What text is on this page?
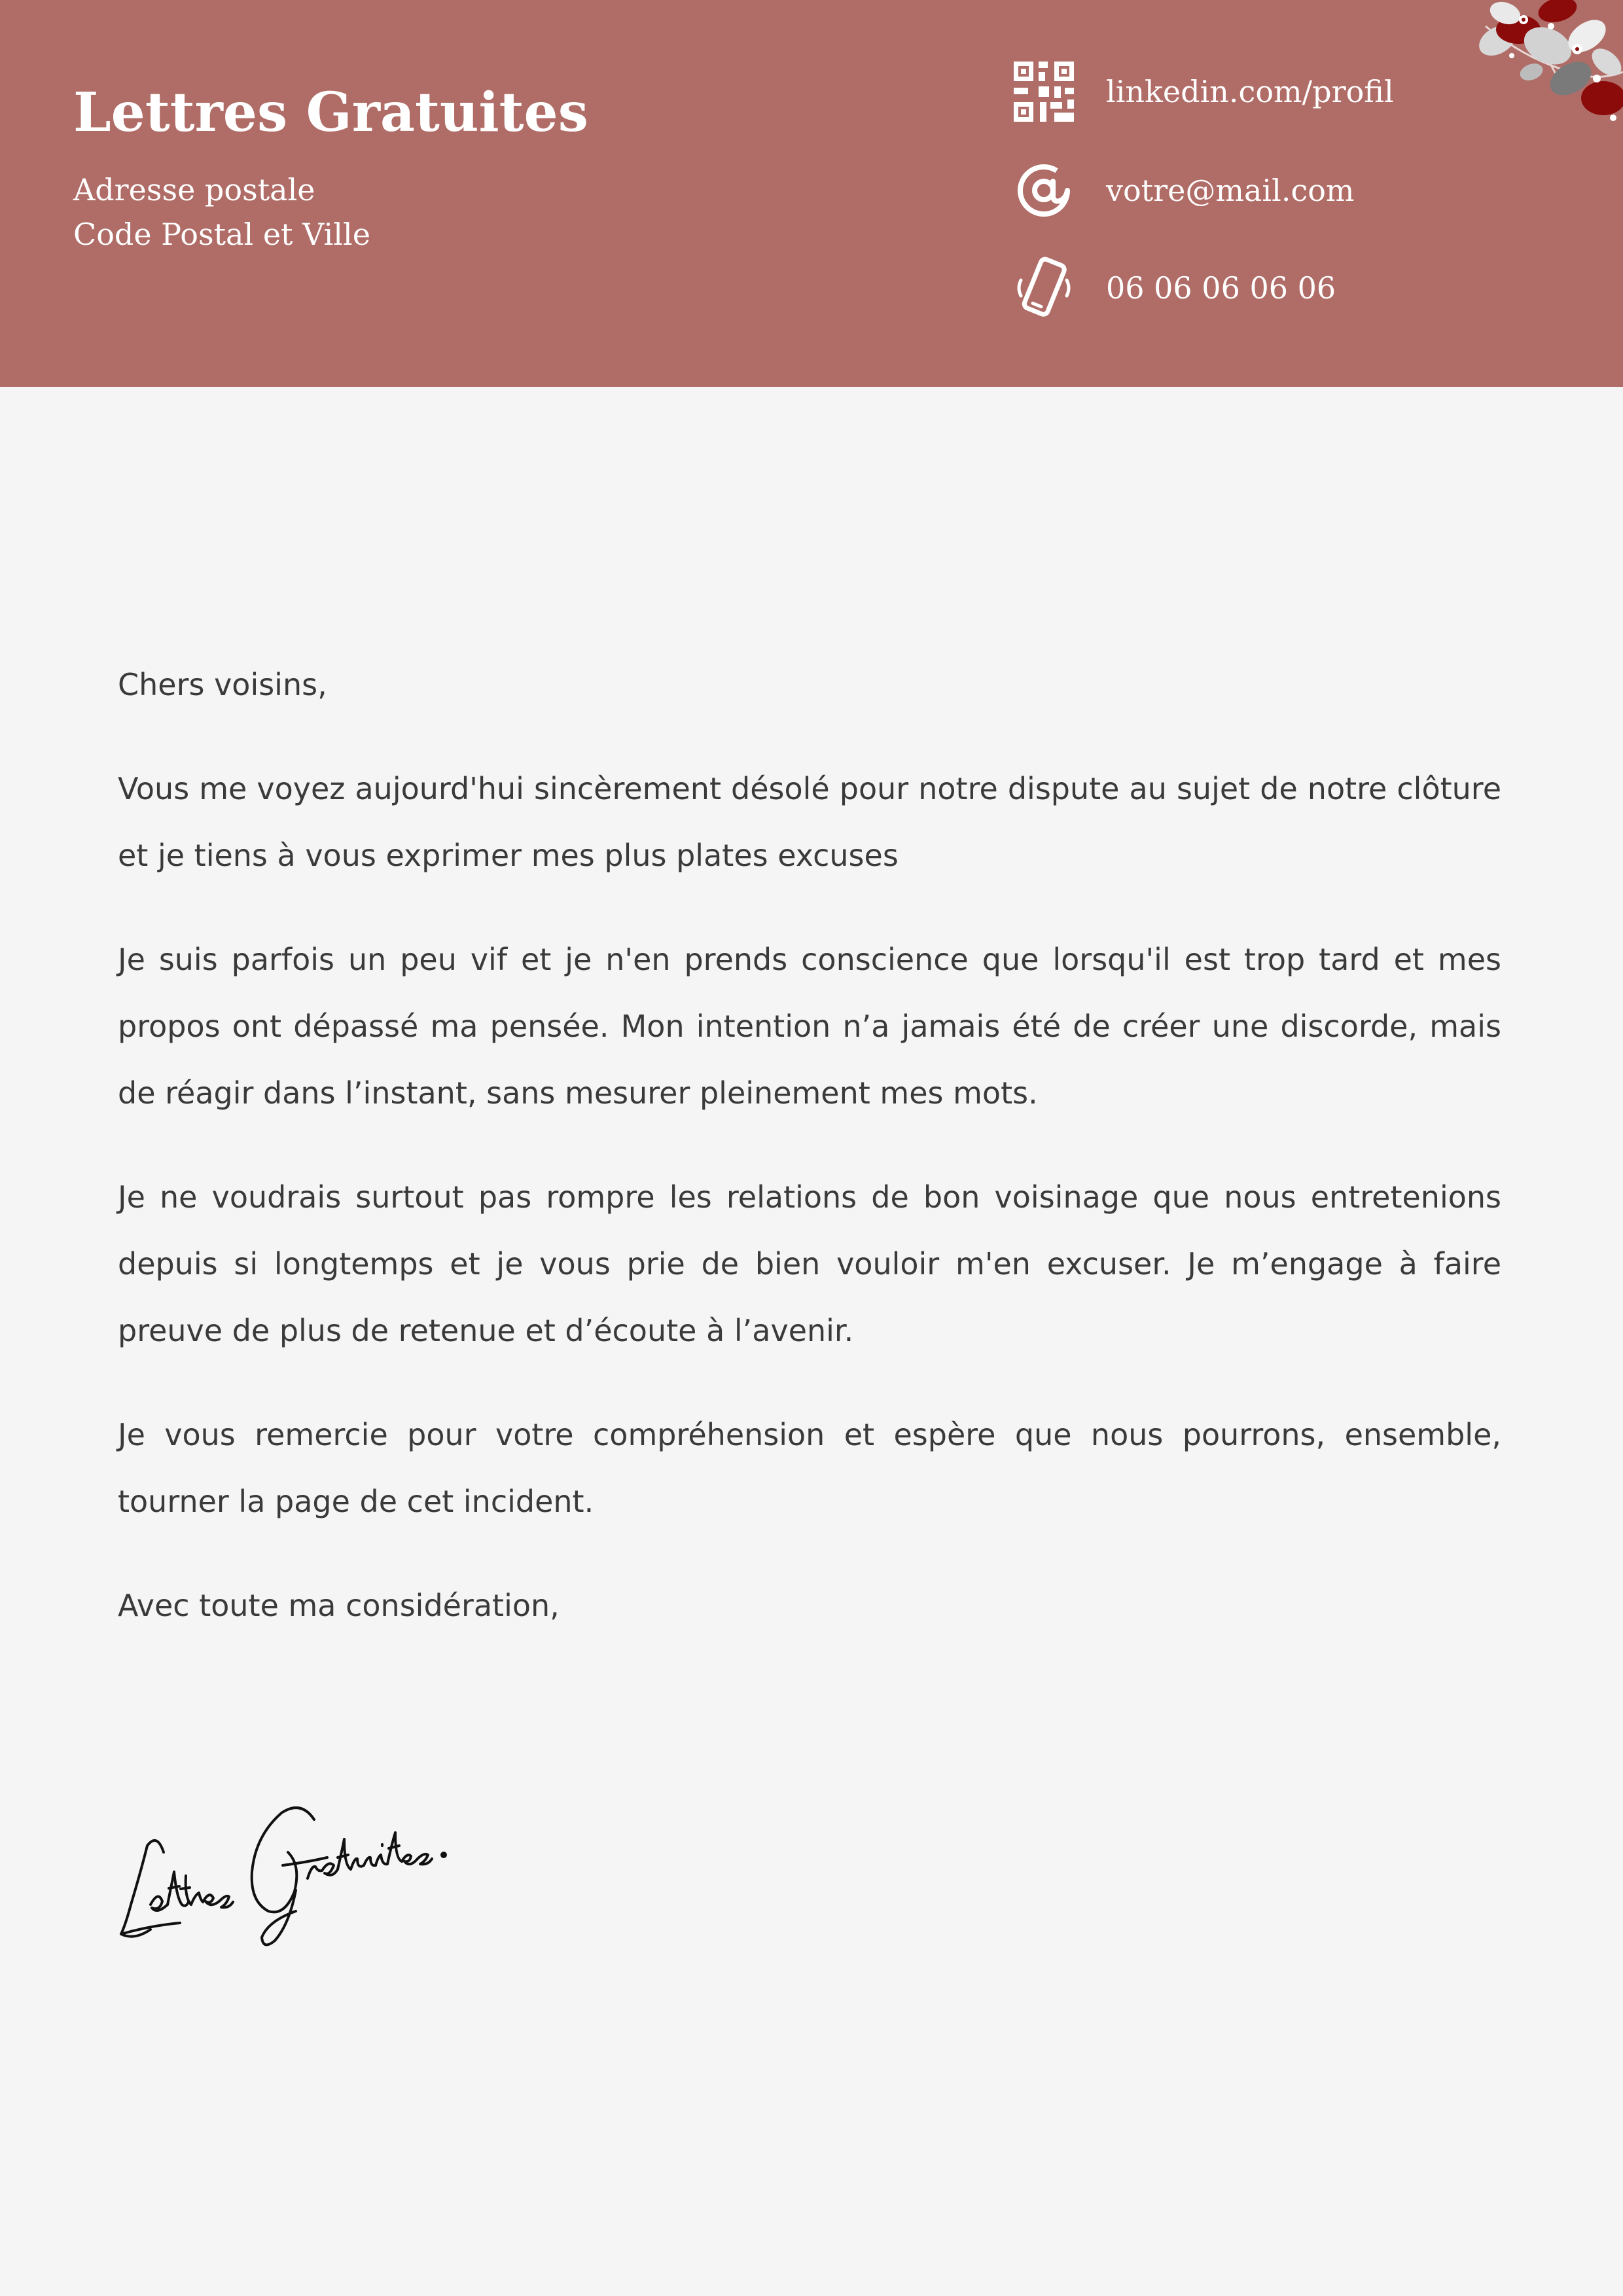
Lettres Gratuites
Adresse postale
Code Postal et Ville
linkedin.com/profil
votre@mail.com
06 06 06 06 06

Chers voisins,

Vous me voyez aujourd'hui sincèrement désolé pour notre dispute au sujet de notre clôture et je tiens à vous exprimer mes plus plates excuses

Je suis parfois un peu vif et je n'en prends conscience que lorsqu'il est trop tard et mes propos ont dépassé ma pensée. Mon intention n’a jamais été de créer une discorde, mais de réagir dans l’instant, sans mesurer pleinement mes mots.

Je ne voudrais surtout pas rompre les relations de bon voisinage que nous entretenions depuis si longtemps et je vous prie de bien vouloir m'en excuser. Je m’engage à faire preuve de plus de retenue et d’écoute à l’avenir.

Je vous remercie pour votre compréhension et espère que nous pourrons, ensemble, tourner la page de cet incident.

Avec toute ma considération,
